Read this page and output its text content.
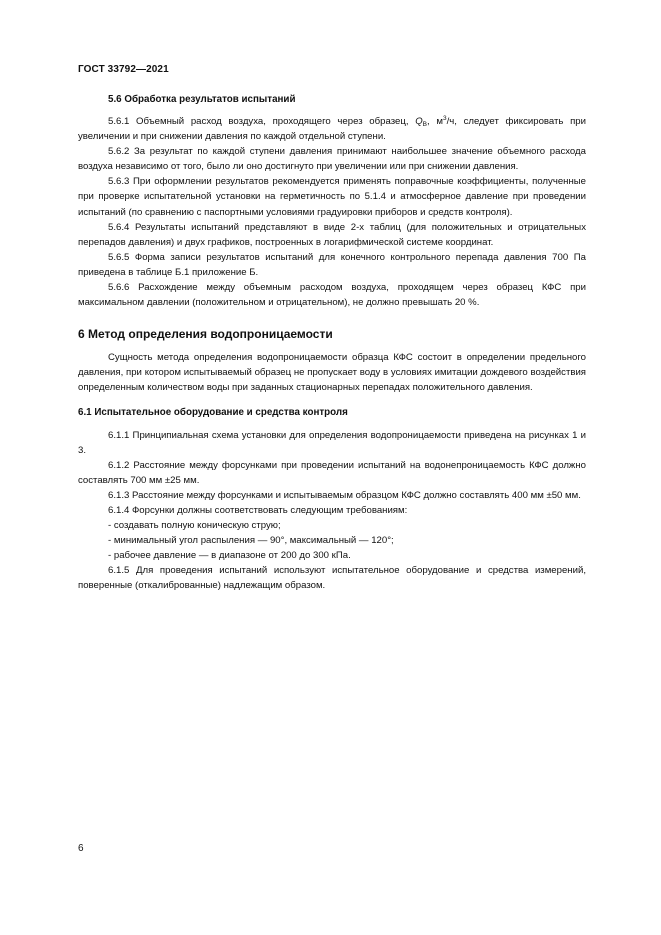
ГОСТ 33792—2021
5.6 Обработка результатов испытаний

5.6.1 Объемный расход воздуха, проходящего через образец, $Q_В$, $м^3/ч$, следует фиксировать при увеличении и при снижении давления по каждой отдельной ступени.

5.6.2 За результат по каждой ступени давления принимают наибольшее значение объемного расхода воздуха независимо от того, было ли оно достигнуто при увеличении или при снижении давления.

5.6.3 При оформлении результатов рекомендуется применять поправочные коэффициенты, полученные при проверке испытательной установки на герметичность по 5.1.4 и атмосферное давление при проведении испытаний (по сравнению с паспортными условиями градуировки приборов и средств контроля).

5.6.4 Результаты испытаний представляют в виде 2-х таблиц (для положительных и отрицательных перепадов давления) и двух графиков, построенных в логарифмической системе координат.

5.6.5 Форма записи результатов испытаний для конечного контрольного перепада давления 700 Па приведена в таблице Б.1 приложение Б.

5.6.6 Расхождение между объемным расходом воздуха, проходящем через образец КФС при максимальном давлении (положительном и отрицательном), не должно превышать 20 %.

6 Метод определения водопроницаемости

Сущность метода определения водопроницаемости образца КФС состоит в определении предельного давления, при котором испытываемый образец не пропускает воду в условиях имитации дождевого воздействия определенным количеством воды при заданных стационарных перепадах положительного давления.

6.1 Испытательное оборудование и средства контроля

6.1.1 Принципиальная схема установки для определения водопроницаемости приведена на рисунках 1 и 3.

6.1.2 Расстояние между форсунками при проведении испытаний на водонепроницаемость КФС должно составлять 700 мм ±25 мм.

6.1.3 Расстояние между форсунками и испытываемым образцом КФС должно составлять 400 мм ±50 мм.

6.1.4 Форсунки должны соответствовать следующим требованиям:

- создавать полную коническую струю;

- минимальный угол распыления — 90°, максимальный — 120°;

- рабочее давление — в диапазоне от 200 до 300 кПа.

6.1.5 Для проведения испытаний используют испытательное оборудование и средства измерений, поверенные (откалиброванные) надлежащим образом.

6
